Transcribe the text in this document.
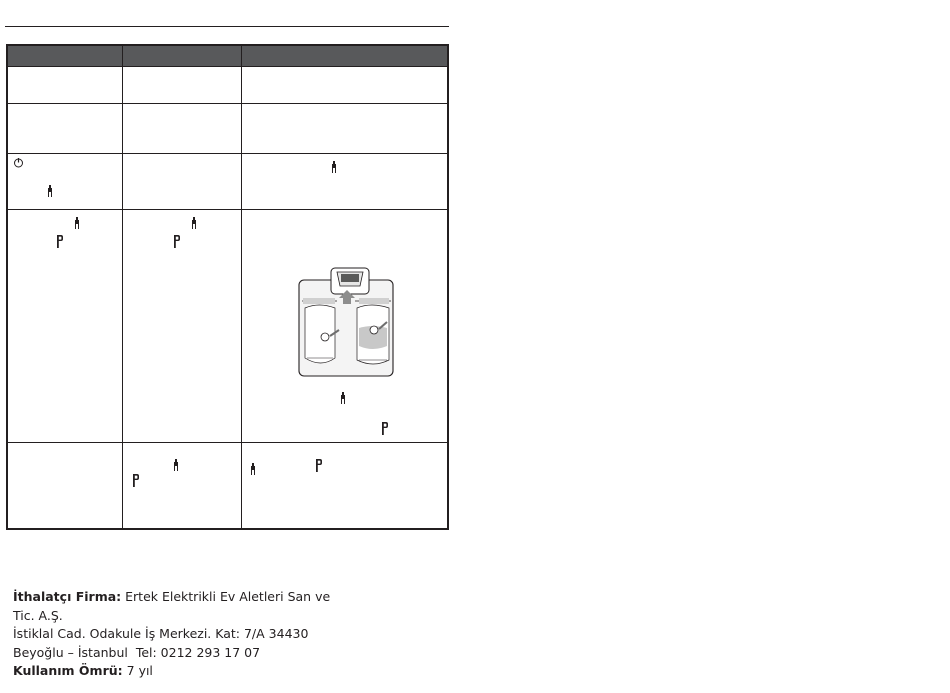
İthalatçı Firma: Ertek Elektrikli Ev Aletleri San ve
Tic. A.Ş.
İstiklal Cad. Odakule İş Merkezi. Kat: 7/A 34430
Beyoğlu – İstanbul Tel: 0212 293 17 07
Kullanım Ömrü: 7 yıl
